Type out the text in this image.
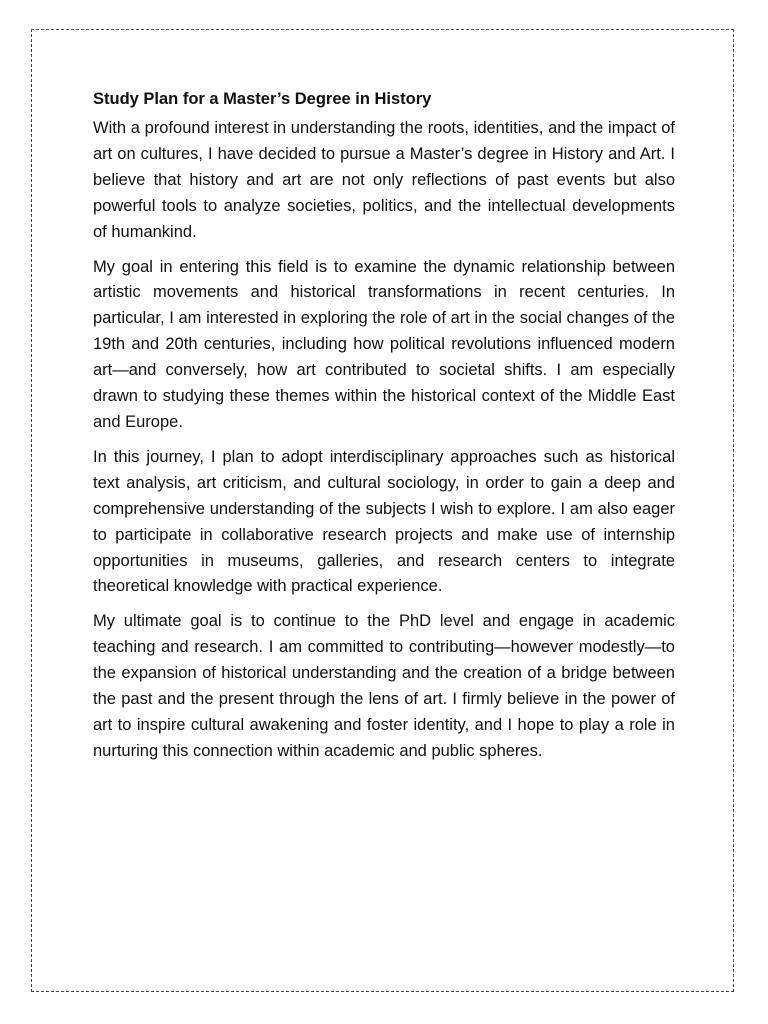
Study Plan for a Master’s Degree in History

With a profound interest in understanding the roots, identities, and the impact of art on cultures, I have decided to pursue a Master’s degree in History and Art. I believe that history and art are not only reflections of past events but also powerful tools to analyze societies, politics, and the intellectual developments of humankind.

My goal in entering this field is to examine the dynamic relationship between artistic movements and historical transformations in recent centuries. In particular, I am interested in exploring the role of art in the social changes of the 19th and 20th centuries, including how political revolutions influenced modern art—and conversely, how art contributed to societal shifts. I am especially drawn to studying these themes within the historical context of the Middle East and Europe.

In this journey, I plan to adopt interdisciplinary approaches such as historical text analysis, art criticism, and cultural sociology, in order to gain a deep and comprehensive understanding of the subjects I wish to explore. I am also eager to participate in collaborative research projects and make use of internship opportunities in museums, galleries, and research centers to integrate theoretical knowledge with practical experience.

My ultimate goal is to continue to the PhD level and engage in academic teaching and research. I am committed to contributing—however modestly—to the expansion of historical understanding and the creation of a bridge between the past and the present through the lens of art. I firmly believe in the power of art to inspire cultural awakening and foster identity, and I hope to play a role in nurturing this connection within academic and public spheres.
